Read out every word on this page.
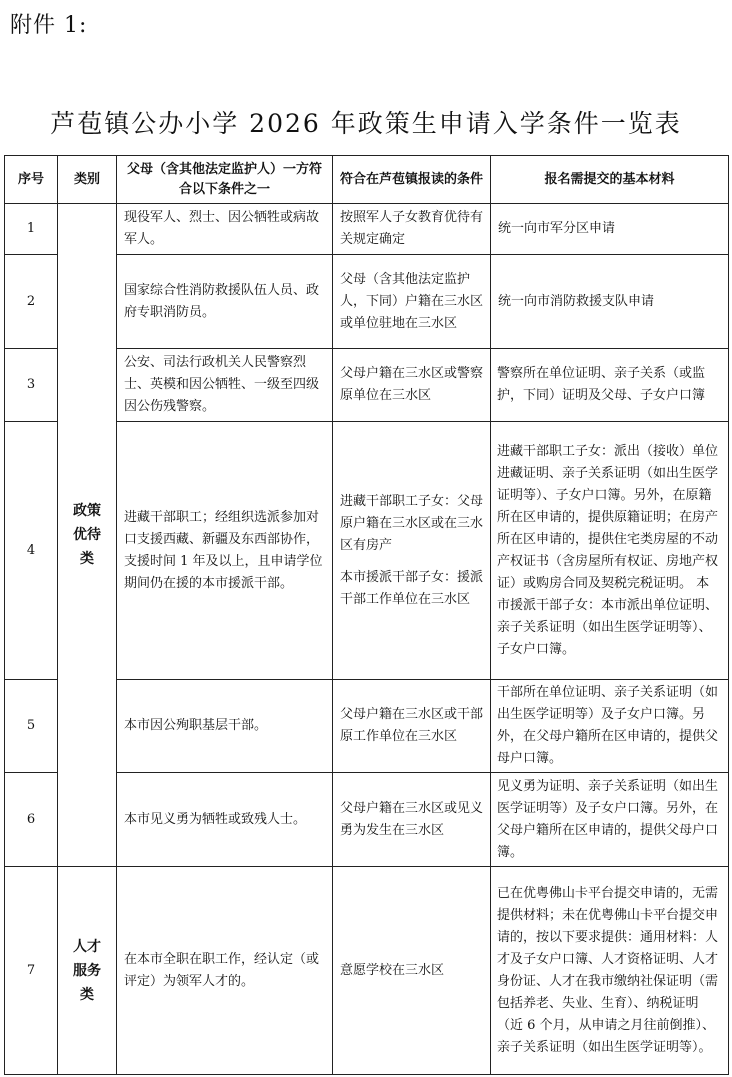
附件 1:
芦苞镇公办小学 2026 年政策生申请入学条件一览表
序号	类别	父母（含其他法定监护人）一方符合以下条件之一	符合在芦苞镇报读的条件	报名需提交的基本材料
1	政策优待类	现役军人、烈士、因公牺牲或病故军人。	按照军人子女教育优待有关规定确定	统一向市军分区申请
2		国家综合性消防救援队伍人员、政府专职消防员。	父母（含其他法定监护人，下同）户籍在三水区或单位驻地在三水区	统一向市消防救援支队申请
3		公安、司法行政机关人民警察烈士、英模和因公牺牲、一级至四级因公伤残警察。	父母户籍在三水区或警察原单位在三水区	警察所在单位证明、亲子关系（或监护，下同）证明及父母、子女户口簿
4		进藏干部职工；经组织选派参加对口支援西藏、新疆及东西部协作，支援时间 1 年及以上，且申请学位期间仍在援的本市援派干部。	进藏干部职工子女：父母原户籍在三水区或在三水区有房产
本市援派干部子女：援派干部工作单位在三水区	进藏干部职工子女：派出（接收）单位进藏证明、亲子关系证明（如出生医学证明等）、子女户口簿。另外，在原籍所在区申请的，提供原籍证明；在房产所在区申请的，提供住宅类房屋的不动产权证书（含房屋所有权证、房地产权证）或购房合同及契税完税证明。 本市援派干部子女：本市派出单位证明、亲子关系证明（如出生医学证明等）、子女户口簿。
5		本市因公殉职基层干部。	父母户籍在三水区或干部原工作单位在三水区	干部所在单位证明、亲子关系证明（如出生医学证明等）及子女户口簿。另外，在父母户籍所在区申请的，提供父母户口簿。
6		本市见义勇为牺牲或致残人士。	父母户籍在三水区或见义勇为发生在三水区	见义勇为证明、亲子关系证明（如出生医学证明等）及子女户口簿。另外，在父母户籍所在区申请的，提供父母户口簿。
7	人才服务类	在本市全职在职工作，经认定（或评定）为领军人才的。	意愿学校在三水区	已在优粤佛山卡平台提交申请的，无需提供材料；未在优粤佛山卡平台提交申请的，按以下要求提供：通用材料：人才及子女户口簿、人才资格证明、人才身份证、人才在我市缴纳社保证明（需包括养老、失业、生育）、纳税证明（近 6 个月，从申请之月往前倒推）、亲子关系证明（如出生医学证明等）。
